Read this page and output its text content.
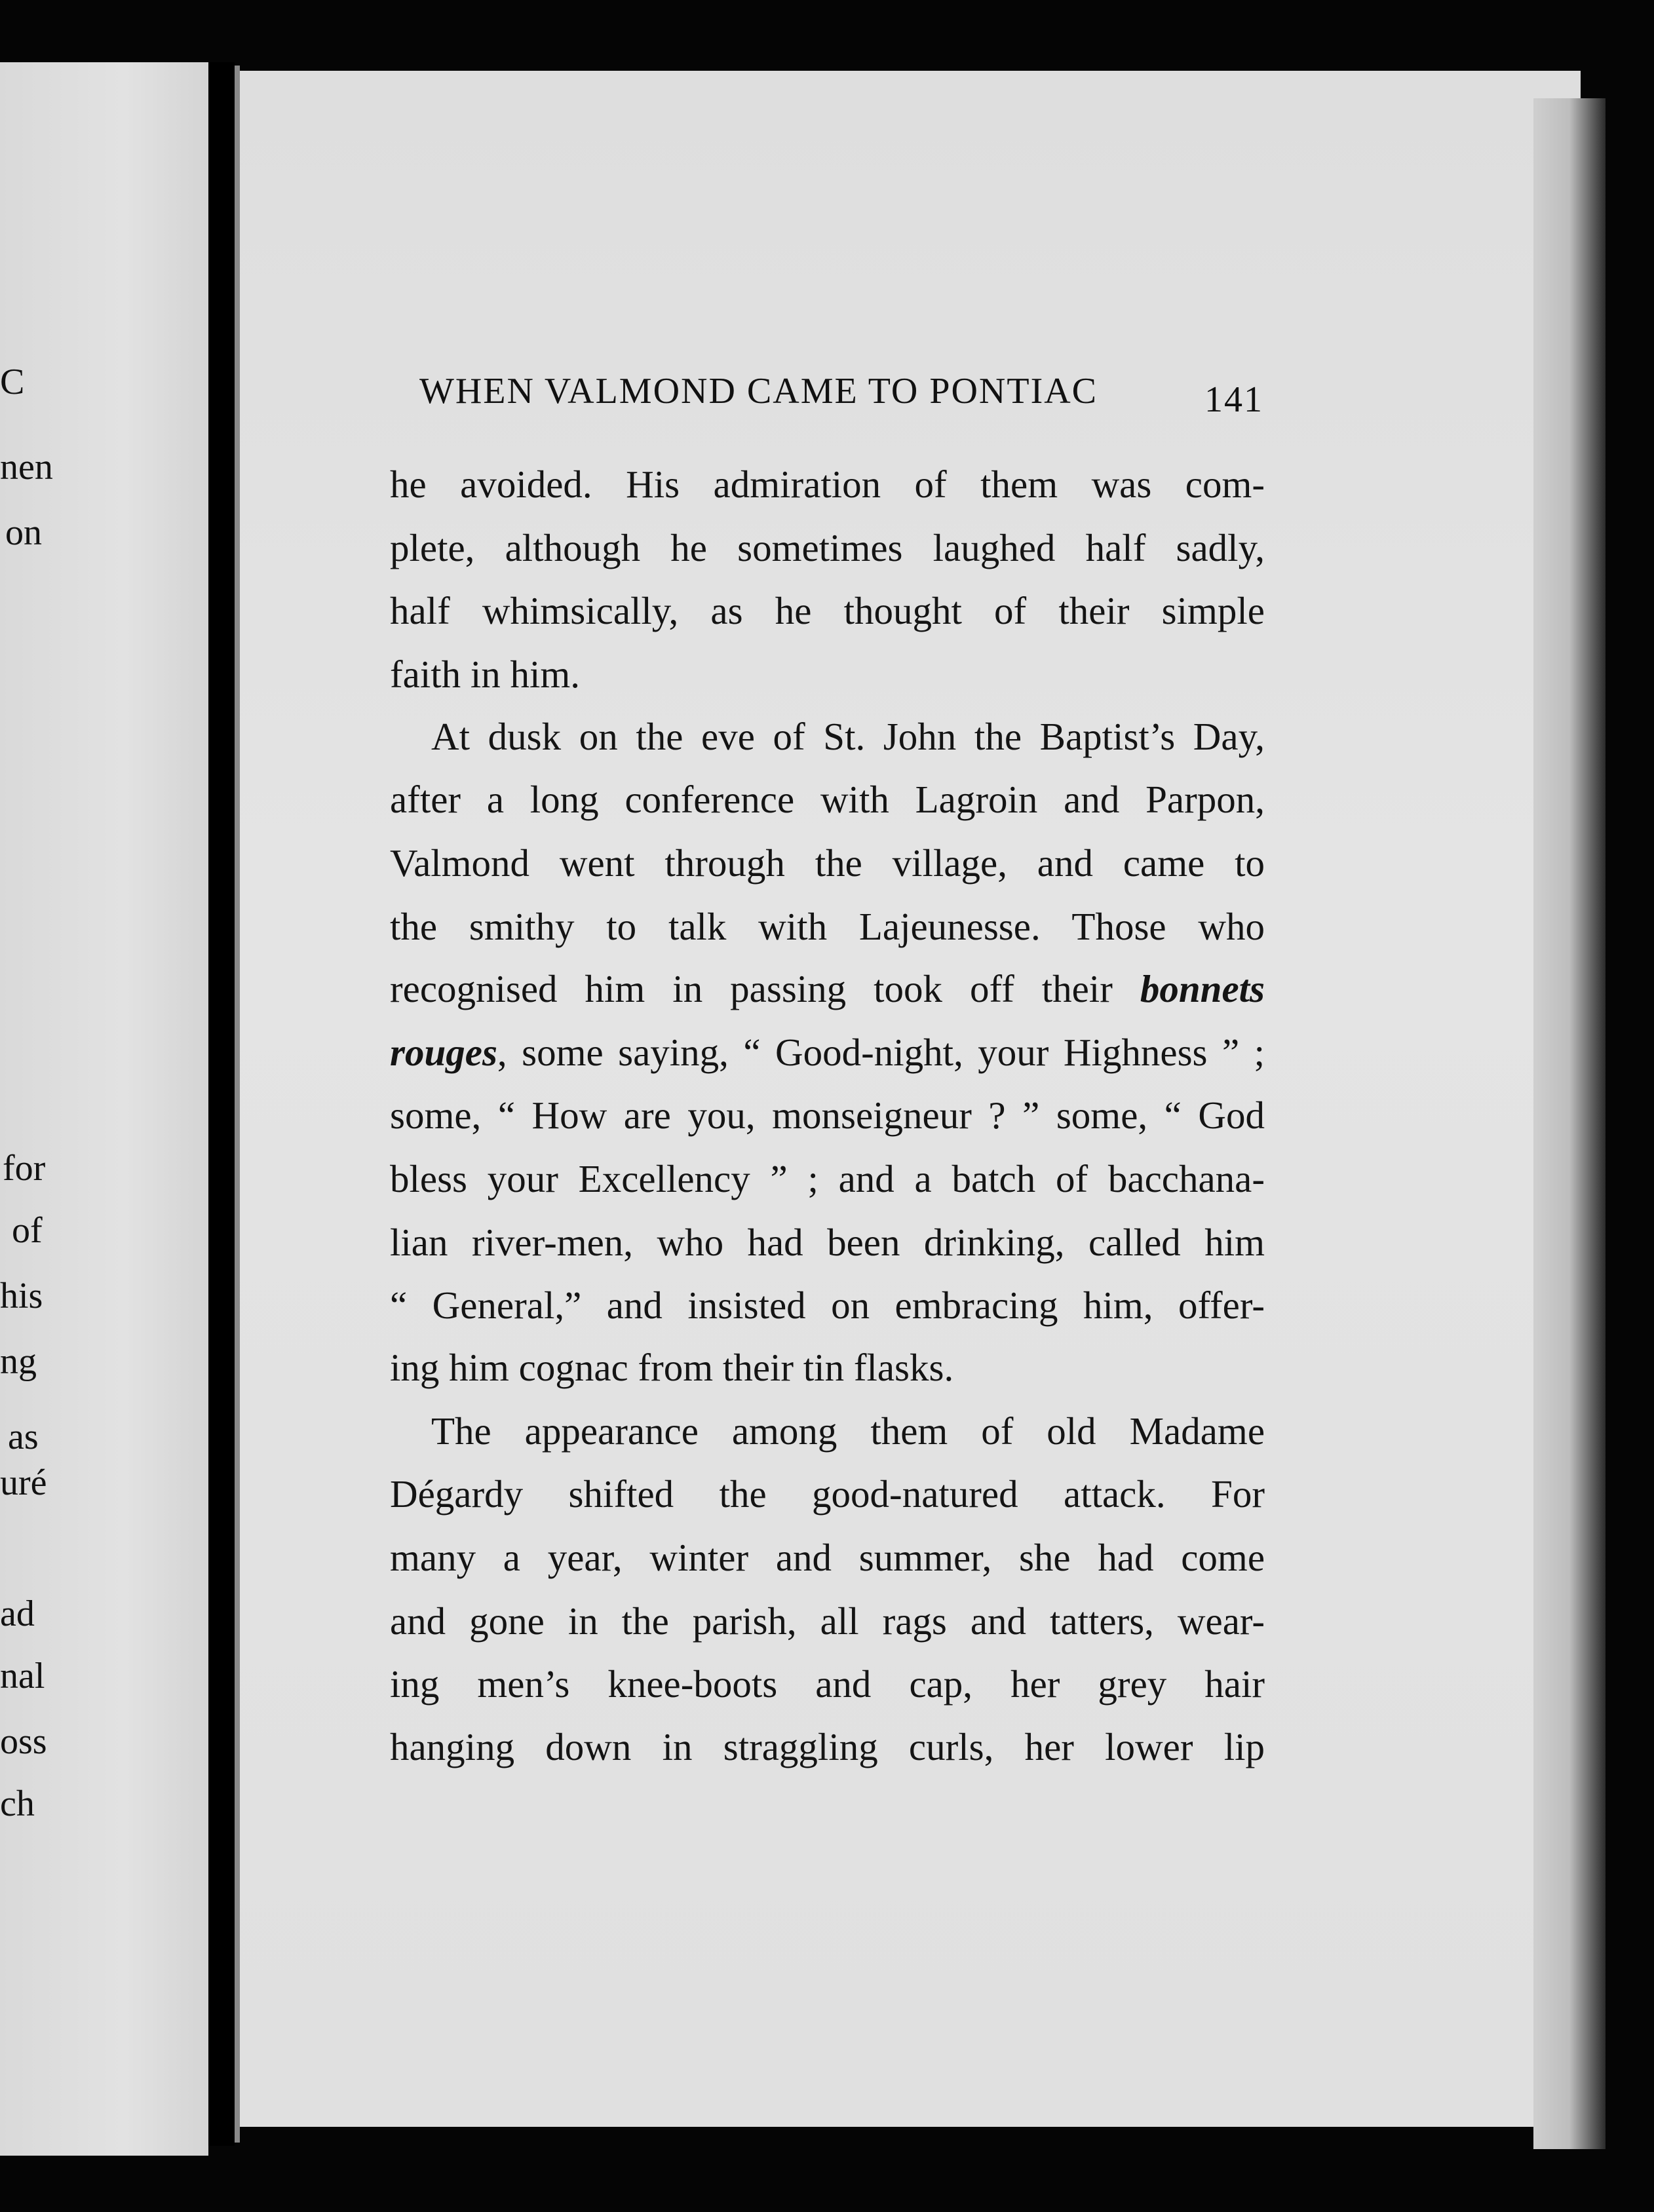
C
nen
on
for
of
his
ng
as
uré
ad
nal
oss
ch
WHEN VALMOND CAME TO PONTIAC	141
he avoided. His admiration of them was com-
plete, although he sometimes laughed half sadly,
half whimsically, as he thought of their simple
faith in him.
At dusk on the eve of St. John the Baptist’s Day,
after a long conference with Lagroin and Parpon,
Valmond went through the village, and came to
the smithy to talk with Lajeunesse. Those who
recognised him in passing took off their bonnets
rouges, some saying, “ Good-night, your Highness ” ;
some, “ How are you, monseigneur ? ” some, “ God
bless your Excellency ” ; and a batch of bacchana-
lian river-men, who had been drinking, called him
“ General,” and insisted on embracing him, offer-
ing him cognac from their tin flasks.
The appearance among them of old Madame
Dégardy shifted the good-natured attack. For
many a year, winter and summer, she had come
and gone in the parish, all rags and tatters, wear-
ing men’s knee-boots and cap, her grey hair
hanging down in straggling curls, her lower lip
